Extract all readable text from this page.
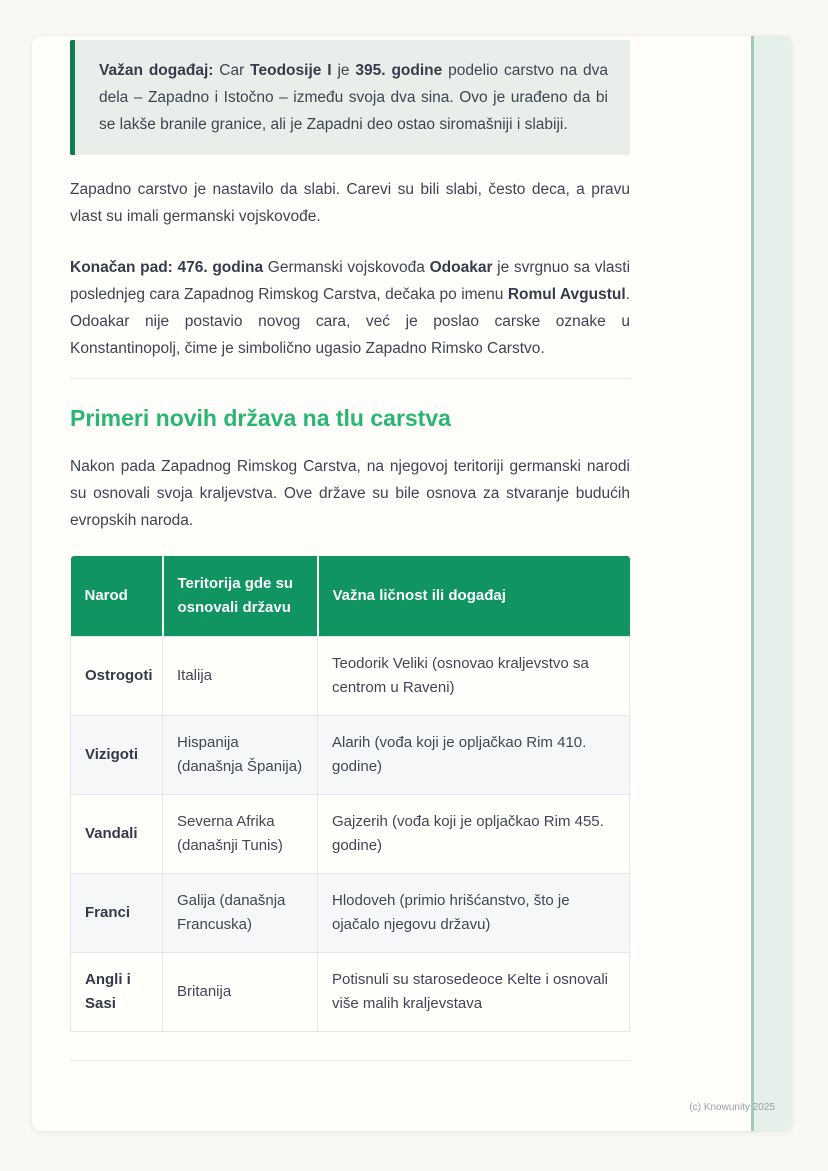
Važan događaj: Car Teodosije I je 395. godine podelio carstvo na dva dela – Zapadno i Istočno – između svoja dva sina. Ovo je urađeno da bi se lakše branile granice, ali je Zapadni deo ostao siromašniji i slabiji.

Zapadno carstvo je nastavilo da slabi. Carevi su bili slabi, često deca, a pravu vlast su imali germanski vojskovođe.

Konačan pad: 476. godina Germanski vojskovođa Odoakar je svrgnuo sa vlasti poslednjeg cara Zapadnog Rimskog Carstva, dečaka po imenu Romul Avgustul. Odoakar nije postavio novog cara, već je poslao carske oznake u Konstantinopolj, čime je simbolično ugasio Zapadno Rimsko Carstvo.

Primeri novih država na tlu carstva

Nakon pada Zapadnog Rimskog Carstva, na njegovoj teritoriji germanski narodi su osnovali svoja kraljevstva. Ove države su bile osnova za stvaranje budućih evropskih naroda.

Narod	Teritorija gde su osnovali državu	Važna ličnost ili događaj
Ostrogoti	Italija	Teodorik Veliki (osnovao kraljevstvo sa centrom u Raveni)
Vizigoti	Hispanija (današnja Španija)	Alarih (vođa koji je opljačkao Rim 410. godine)
Vandali	Severna Afrika (današnji Tunis)	Gajzerih (vođa koji je opljačkao Rim 455. godine)
Franci	Galija (današnja Francuska)	Hlodoveh (primio hrišćanstvo, što je ojačalo njegovu državu)
Angli i Sasi	Britanija	Potisnuli su starosedeoce Kelte i osnovali više malih kraljevstava
(c) Knowunity 2025
